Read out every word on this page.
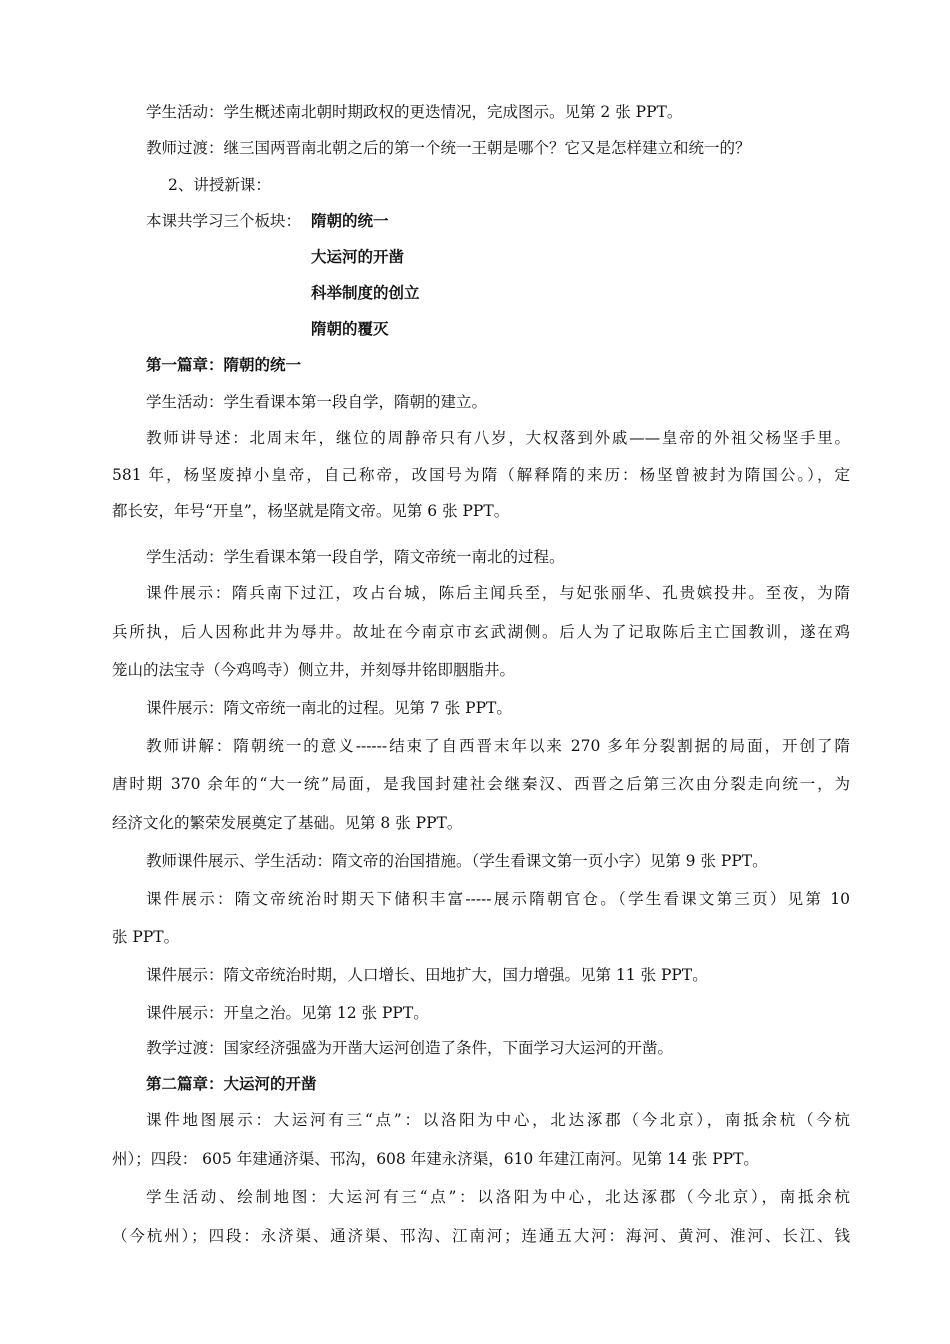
学生活动：学生概述南北朝时期政权的更迭情况，完成图示。见第 2 张 PPT。
教师过渡：继三国两晋南北朝之后的第一个统一王朝是哪个？它又是怎样建立和统一的？
2、讲授新课：
本课共学习三个板块： 隋朝的统一
大运河的开凿
科举制度的创立
隋朝的覆灭
第一篇章：隋朝的统一
学生活动：学生看课本第一段自学，隋朝的建立。
教师讲导述：北周末年，继位的周静帝只有八岁，大权落到外戚——皇帝的外祖父杨坚手里。
581 年，杨坚废掉小皇帝，自己称帝，改国号为隋（解释隋的来历：杨坚曾被封为隋国公。），定
都长安，年号“开皇”，杨坚就是隋文帝。见第 6 张 PPT。
学生活动：学生看课本第一段自学，隋文帝统一南北的过程。
课件展示：隋兵南下过江，攻占台城，陈后主闻兵至，与妃张丽华、孔贵嫔投井。至夜，为隋
兵所执，后人因称此井为辱井。故址在今南京市玄武湖侧。后人为了记取陈后主亡国教训，遂在鸡
笼山的法宝寺（今鸡鸣寺）侧立井，并刻辱井铭即胭脂井。
课件展示：隋文帝统一南北的过程。见第 7 张 PPT。
教师讲解：隋朝统一的意义------结束了自西晋末年以来 270 多年分裂割据的局面，开创了隋
唐时期 370 余年的“大一统”局面，是我国封建社会继秦汉、西晋之后第三次由分裂走向统一，为
经济文化的繁荣发展奠定了基础。见第 8 张 PPT。
教师课件展示、学生活动：隋文帝的治国措施。（学生看课文第一页小字）见第 9 张 PPT。
课件展示：隋文帝统治时期天下储积丰富-----展示隋朝官仓。（学生看课文第三页）见第 10
张 PPT。
课件展示：隋文帝统治时期，人口增长、田地扩大，国力增强。见第 11 张 PPT。
课件展示：开皇之治。见第 12 张 PPT。
教学过渡：国家经济强盛为开凿大运河创造了条件，下面学习大运河的开凿。
第二篇章：大运河的开凿
课件地图展示：大运河有三“点”：以洛阳为中心，北达涿郡（今北京），南抵余杭（今杭
州）；四段： 605 年建通济渠、邗沟，608 年建永济渠，610 年建江南河。见第 14 张 PPT。
学生活动、绘制地图：大运河有三“点”：以洛阳为中心，北达涿郡（今北京），南抵余杭
（今杭州）；四段：永济渠、通济渠、邗沟、江南河；连通五大河：海河、黄河、淮河、长江、钱
